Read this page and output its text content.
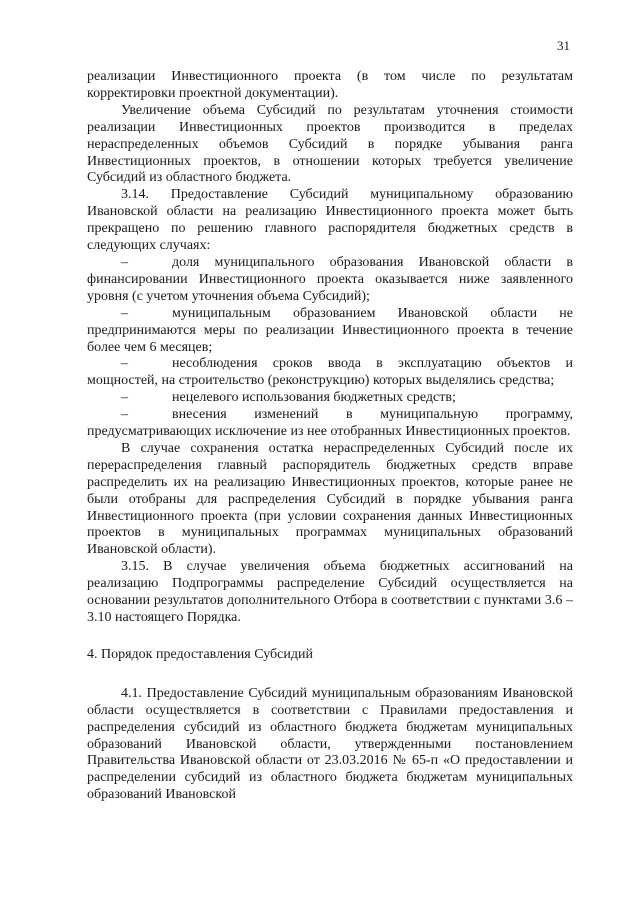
31

реализации Инвестиционного проекта (в том числе по результатам корректировки проектной документации).

Увеличение объема Субсидий по результатам уточнения стоимости реализации Инвестиционных проектов производится в пределах нераспределенных объемов Субсидий в порядке убывания ранга Инвестиционных проектов, в отношении которых требуется увеличение Субсидий из областного бюджета.

3.14. Предоставление Субсидий муниципальному образованию Ивановской области на реализацию Инвестиционного проекта может быть прекращено по решению главного распорядителя бюджетных средств в следующих случаях:

–	доля муниципального образования Ивановской области в финансировании Инвестиционного проекта оказывается ниже заявленного уровня (с учетом уточнения объема Субсидий);

–	муниципальным образованием Ивановской области не предпринимаются меры по реализации Инвестиционного проекта в течение более чем 6 месяцев;

–	несоблюдения сроков ввода в эксплуатацию объектов и мощностей, на строительство (реконструкцию) которых выделялись средства;

–	нецелевого использования бюджетных средств;

–	внесения изменений в муниципальную программу, предусматривающих исключение из нее отобранных Инвестиционных проектов.

В случае сохранения остатка нераспределенных Субсидий после их перераспределения главный распорядитель бюджетных средств вправе распределить их на реализацию Инвестиционных проектов, которые ранее не были отобраны для распределения Субсидий в порядке убывания ранга Инвестиционного проекта (при условии сохранения данных Инвестиционных проектов в муниципальных программах муниципальных образований Ивановской области).

3.15. В случае увеличения объема бюджетных ассигнований на реализацию Подпрограммы распределение Субсидий осуществляется на основании результатов дополнительного Отбора в соответствии с пунктами 3.6 – 3.10 настоящего Порядка.

4. Порядок предоставления Субсидий

4.1. Предоставление Субсидий муниципальным образованиям Ивановской области осуществляется в соответствии с Правилами предоставления и распределения субсидий из областного бюджета бюджетам муниципальных образований Ивановской области, утвержденными постановлением Правительства Ивановской области от 23.03.2016 № 65-п «О предоставлении и распределении субсидий из областного бюджета бюджетам муниципальных образований Ивановской
